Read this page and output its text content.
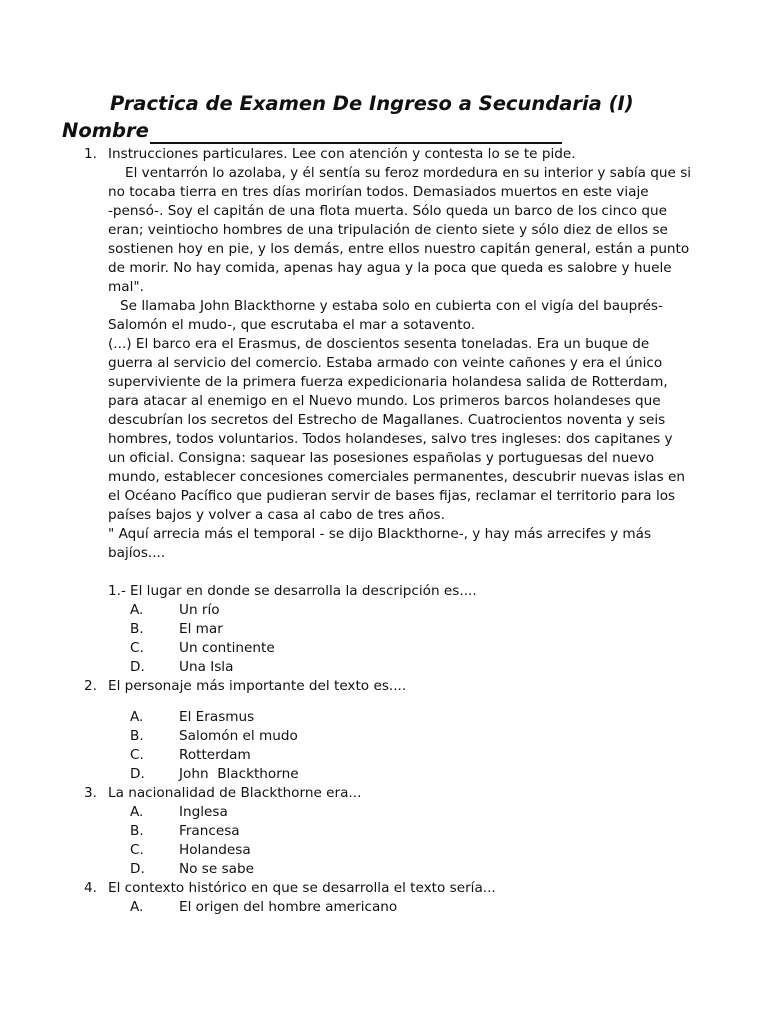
Practica de Examen De Ingreso a Secundaria (I)
Nombre
1. Instrucciones particulares. Lee con atención y contesta lo se te pide.
El ventarrón lo azolaba, y él sentía su feroz mordedura en su interior y sabía que si
no tocaba tierra en tres días morirían todos. Demasiados muertos en este viaje
-pensó-. Soy el capitán de una flota muerta. Sólo queda un barco de los cinco que
eran; veintiocho hombres de una tripulación de ciento siete y sólo diez de ellos se
sostienen hoy en pie, y los demás, entre ellos nuestro capitán general, están a punto
de morir. No hay comida, apenas hay agua y la poca que queda es salobre y huele
mal".
Se llamaba John Blackthorne y estaba solo en cubierta con el vigía del bauprés-
Salomón el mudo-, que escrutaba el mar a sotavento.
(...) El barco era el Erasmus, de doscientos sesenta toneladas. Era un buque de
guerra al servicio del comercio. Estaba armado con veinte cañones y era el único
superviviente de la primera fuerza expedicionaria holandesa salida de Rotterdam,
para atacar al enemigo en el Nuevo mundo. Los primeros barcos holandeses que
descubrían los secretos del Estrecho de Magallanes. Cuatrocientos noventa y seis
hombres, todos voluntarios. Todos holandeses, salvo tres ingleses: dos capitanes y
un oficial. Consigna: saquear las posesiones españolas y portuguesas del nuevo
mundo, establecer concesiones comerciales permanentes, descubrir nuevas islas en
el Océano Pacífico que pudieran servir de bases fijas, reclamar el territorio para los
países bajos y volver a casa al cabo de tres años.
" Aquí arrecia más el temporal - se dijo Blackthorne-, y hay más arrecifes y más
bajíos....
1.- El lugar en donde se desarrolla la descripción es....
A.	Un río
B.	El mar
C.	Un continente
D.	Una Isla
2. El personaje más importante del texto es....
A.	El Erasmus
B.	Salomón el mudo
C.	Rotterdam
D.	John  Blackthorne
3. La nacionalidad de Blackthorne era...
A.	Inglesa
B.	Francesa
C.	Holandesa
D.	No se sabe
4. El contexto histórico en que se desarrolla el texto sería...
A.	El origen del hombre americano
